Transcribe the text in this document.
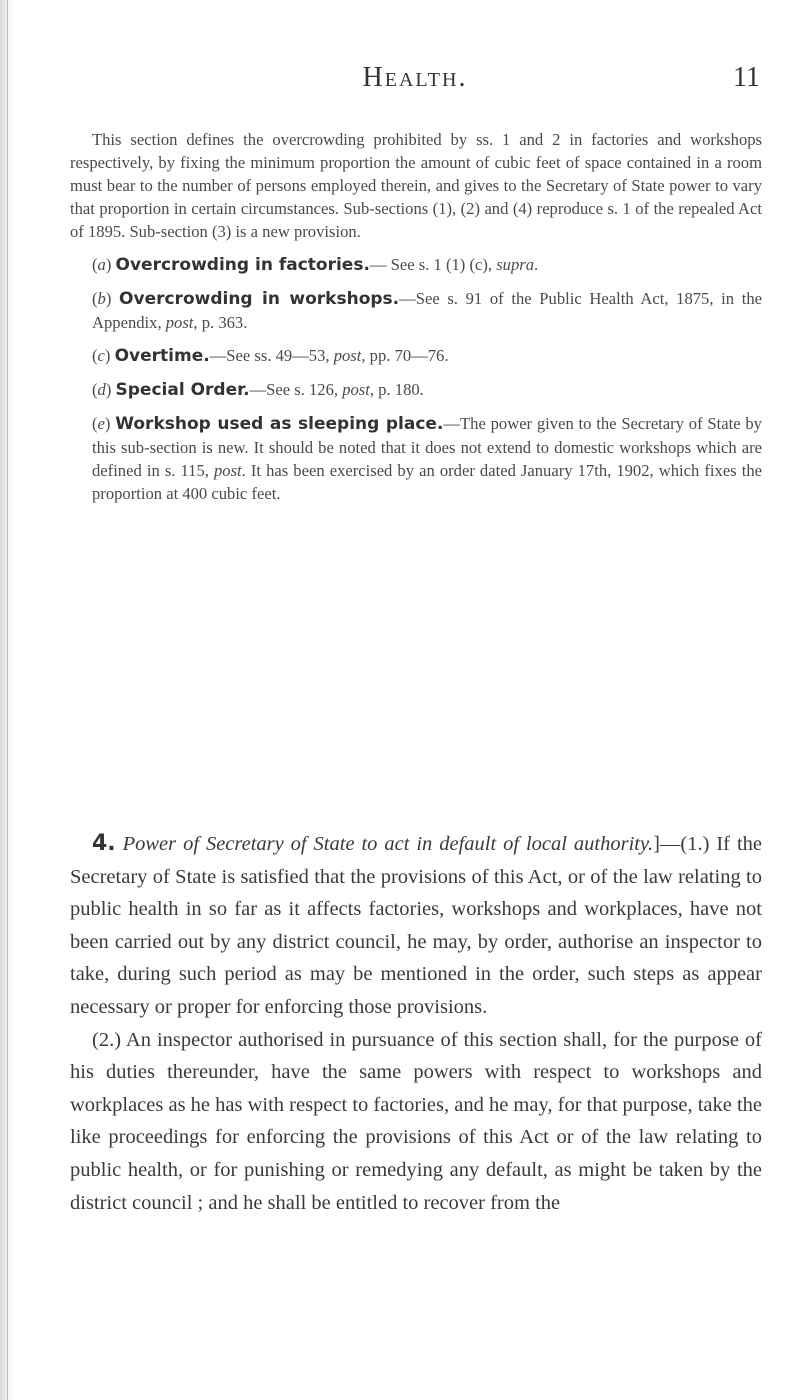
Health.	11

This section defines the overcrowding prohibited by ss. 1 and 2 in factories and workshops respectively, by fixing the minimum proportion the amount of cubic feet of space contained in a room must bear to the number of persons employed therein, and gives to the Secretary of State power to vary that proportion in certain circumstances. Sub-sections (1), (2) and (4) reproduce s. 1 of the repealed Act of 1895. Sub-section (3) is a new provision.

(a) Overcrowding in factories.— See s. 1 (1) (c), supra.

(b) Overcrowding in workshops.—See s. 91 of the Public Health Act, 1875, in the Appendix, post, p. 363.

(c) Overtime.—See ss. 49—53, post, pp. 70—76.

(d) Special Order.—See s. 126, post, p. 180.

(e) Workshop used as sleeping place.—The power given to the Secretary of State by this sub-section is new. It should be noted that it does not extend to domestic workshops which are defined in s. 115, post. It has been exercised by an order dated January 17th, 1902, which fixes the proportion at 400 cubic feet.

4. Power of Secretary of State to act in default of local authority.]—(1.) If the Secretary of State is satisfied that the provisions of this Act, or of the law relating to public health in so far as it affects factories, workshops and workplaces, have not been carried out by any district council, he may, by order, authorise an inspector to take, during such period as may be mentioned in the order, such steps as appear necessary or proper for enforcing those provisions.

(2.) An inspector authorised in pursuance of this section shall, for the purpose of his duties thereunder, have the same powers with respect to workshops and workplaces as he has with respect to factories, and he may, for that purpose, take the like proceedings for enforcing the provisions of this Act or of the law relating to public health, or for punishing or remedying any default, as might be taken by the district council ; and he shall be entitled to recover from the
